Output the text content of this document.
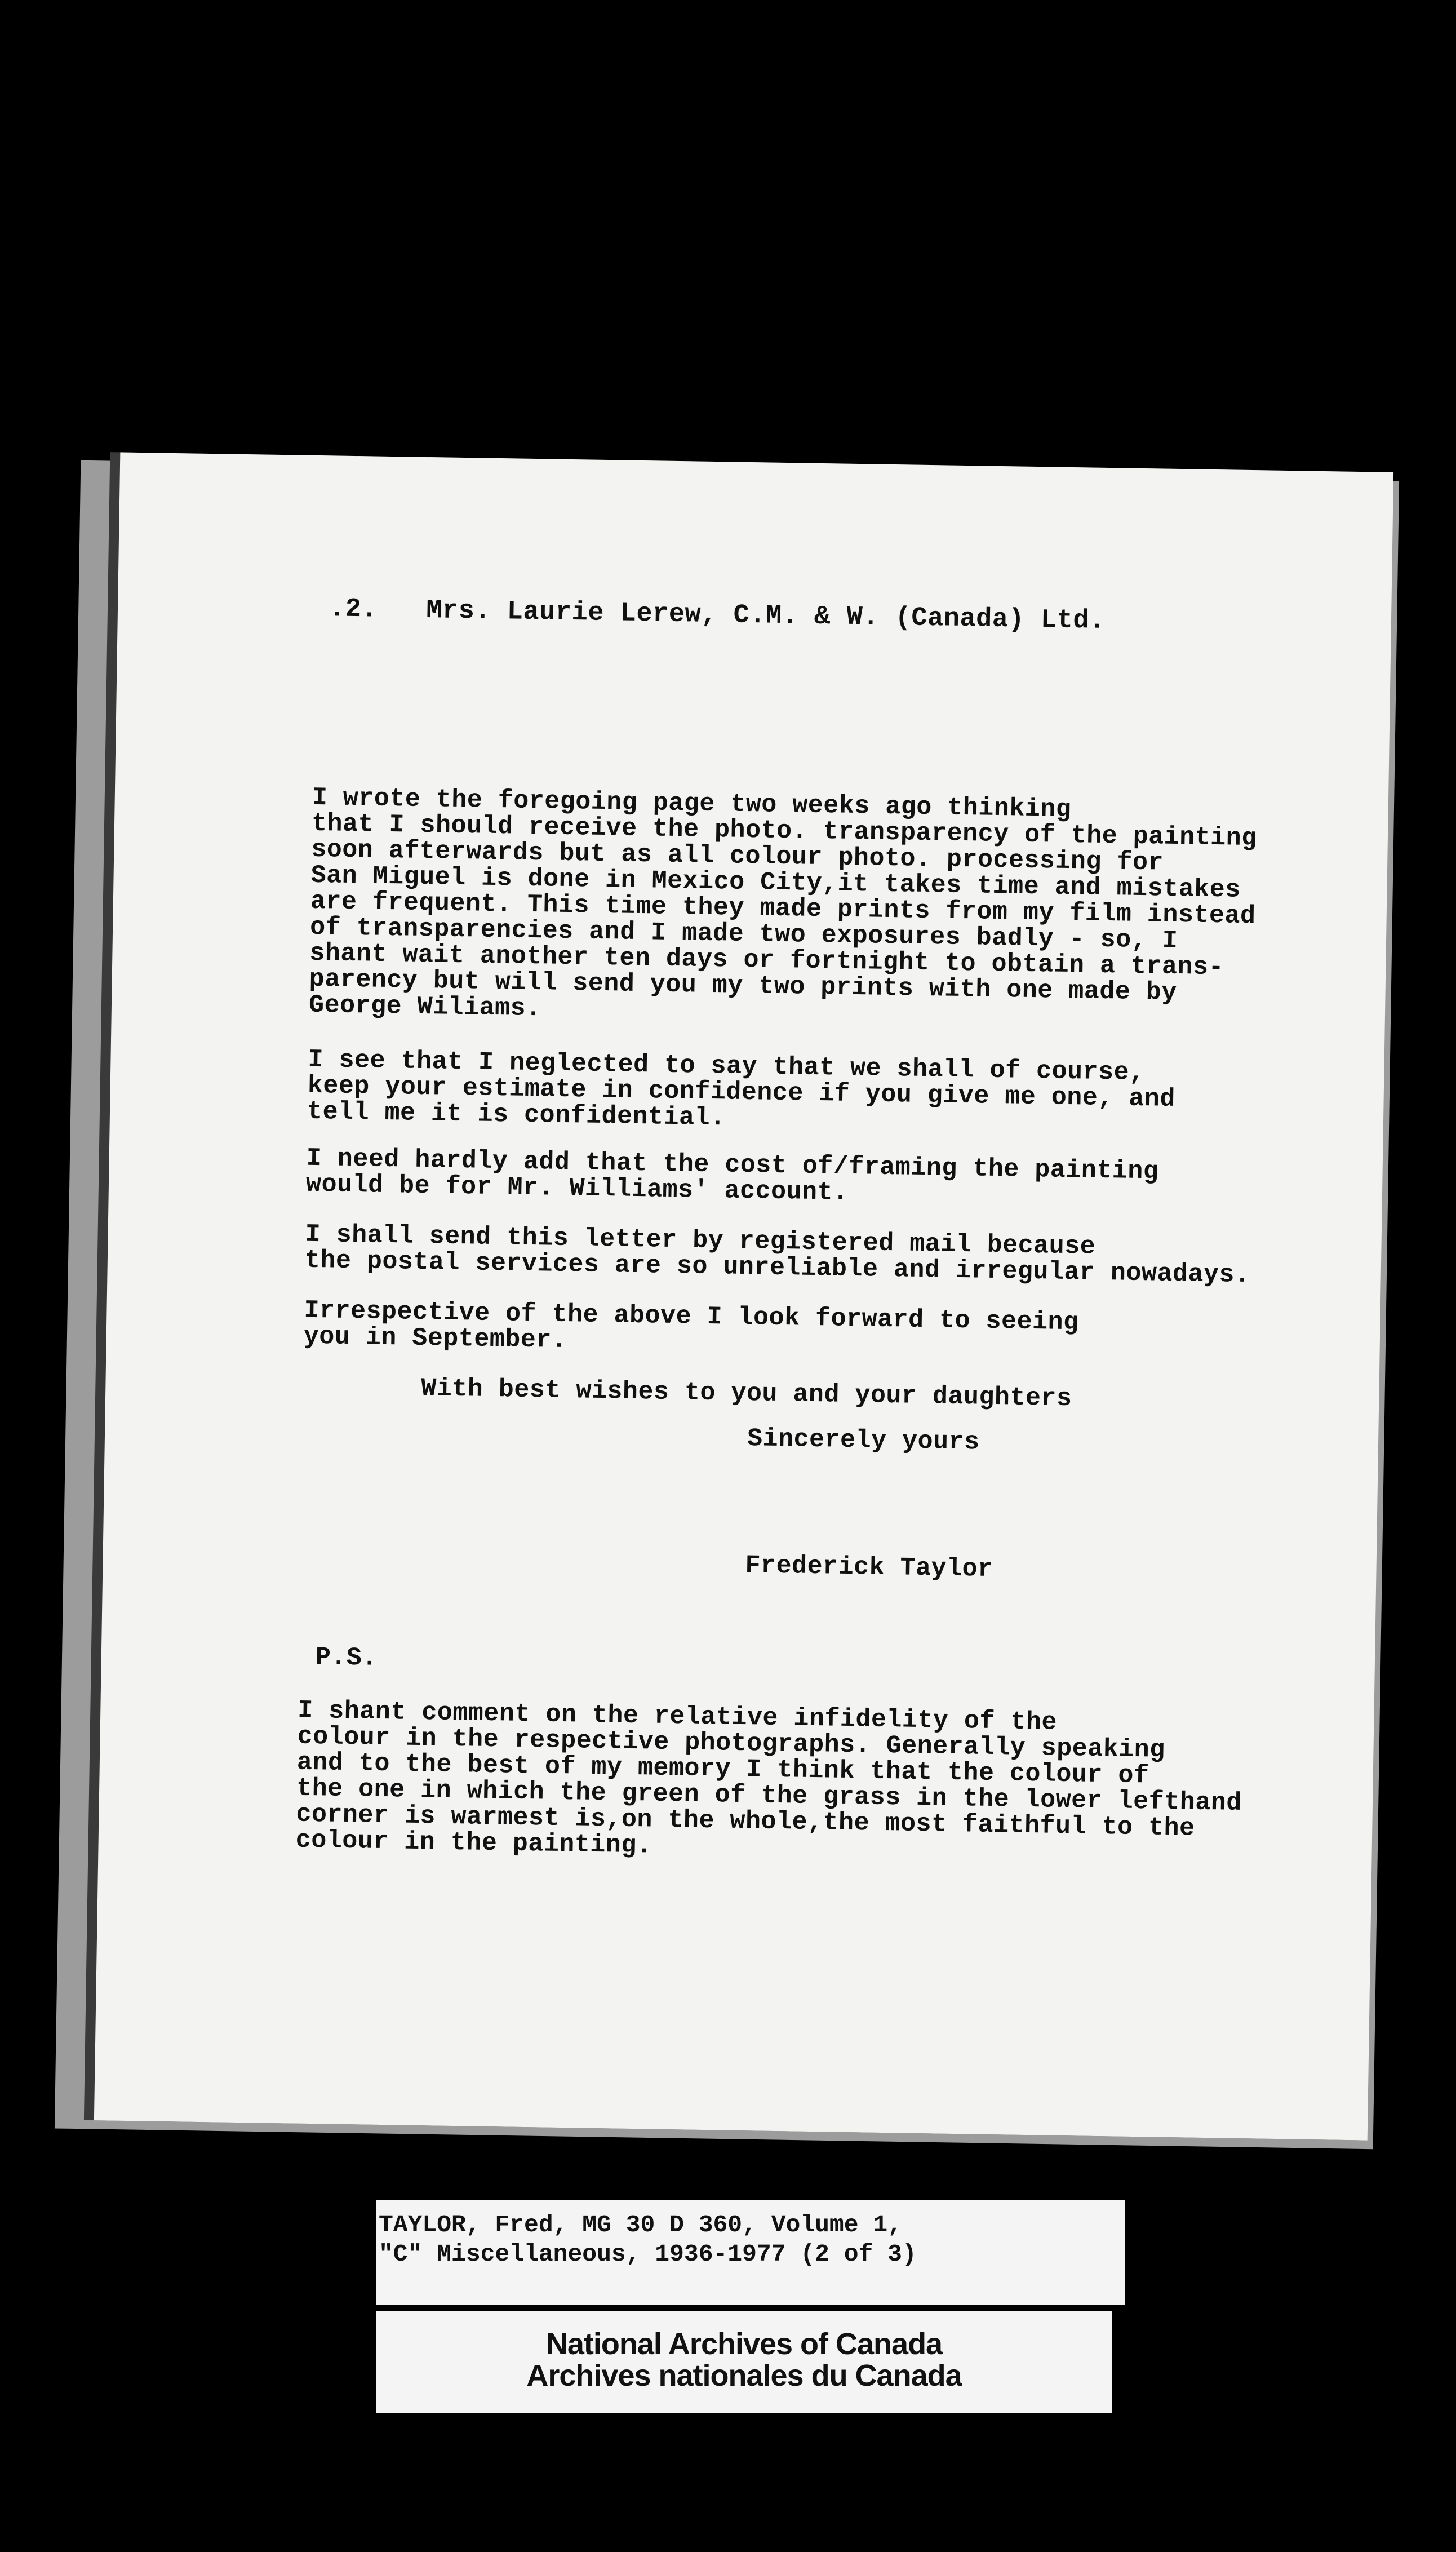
.2.   Mrs. Laurie Lerew, C.M. & W. (Canada) Ltd.

I wrote the foregoing page two weeks ago thinking
that I should receive the photo. transparency of the painting
soon afterwards but as all colour photo. processing for
San Miguel is done in Mexico City,it takes time and mistakes
are frequent. This time they made prints from my film instead
of transparencies and I made two exposures badly - so, I
shant wait another ten days or fortnight to obtain a trans-
parency but will send you my two prints with one made by
George Wiliams.

I see that I neglected to say that we shall of course,
keep your estimate in confidence if you give me one, and
tell me it is confidential.

I need hardly add that the cost of/framing the painting
would be for Mr. Williams' account.

I shall send this letter by registered mail because
the postal services are so unreliable and irregular nowadays.

Irrespective of the above I look forward to seeing
you in September.

With best wishes to you and your daughters
Sincerely yours
Frederick Taylor
P.S.

I shant comment on the relative infidelity of the
colour in the respective photographs. Generally speaking
and to the best of my memory I think that the colour of
the one in which the green of the grass in the lower lefthand
corner is warmest is,on the whole,the most faithful to the
colour in the painting.

TAYLOR, Fred, MG 30 D 360, Volume 1,
"C" Miscellaneous, 1936-1977 (2 of 3)
National Archives of Canada
Archives nationales du Canada
